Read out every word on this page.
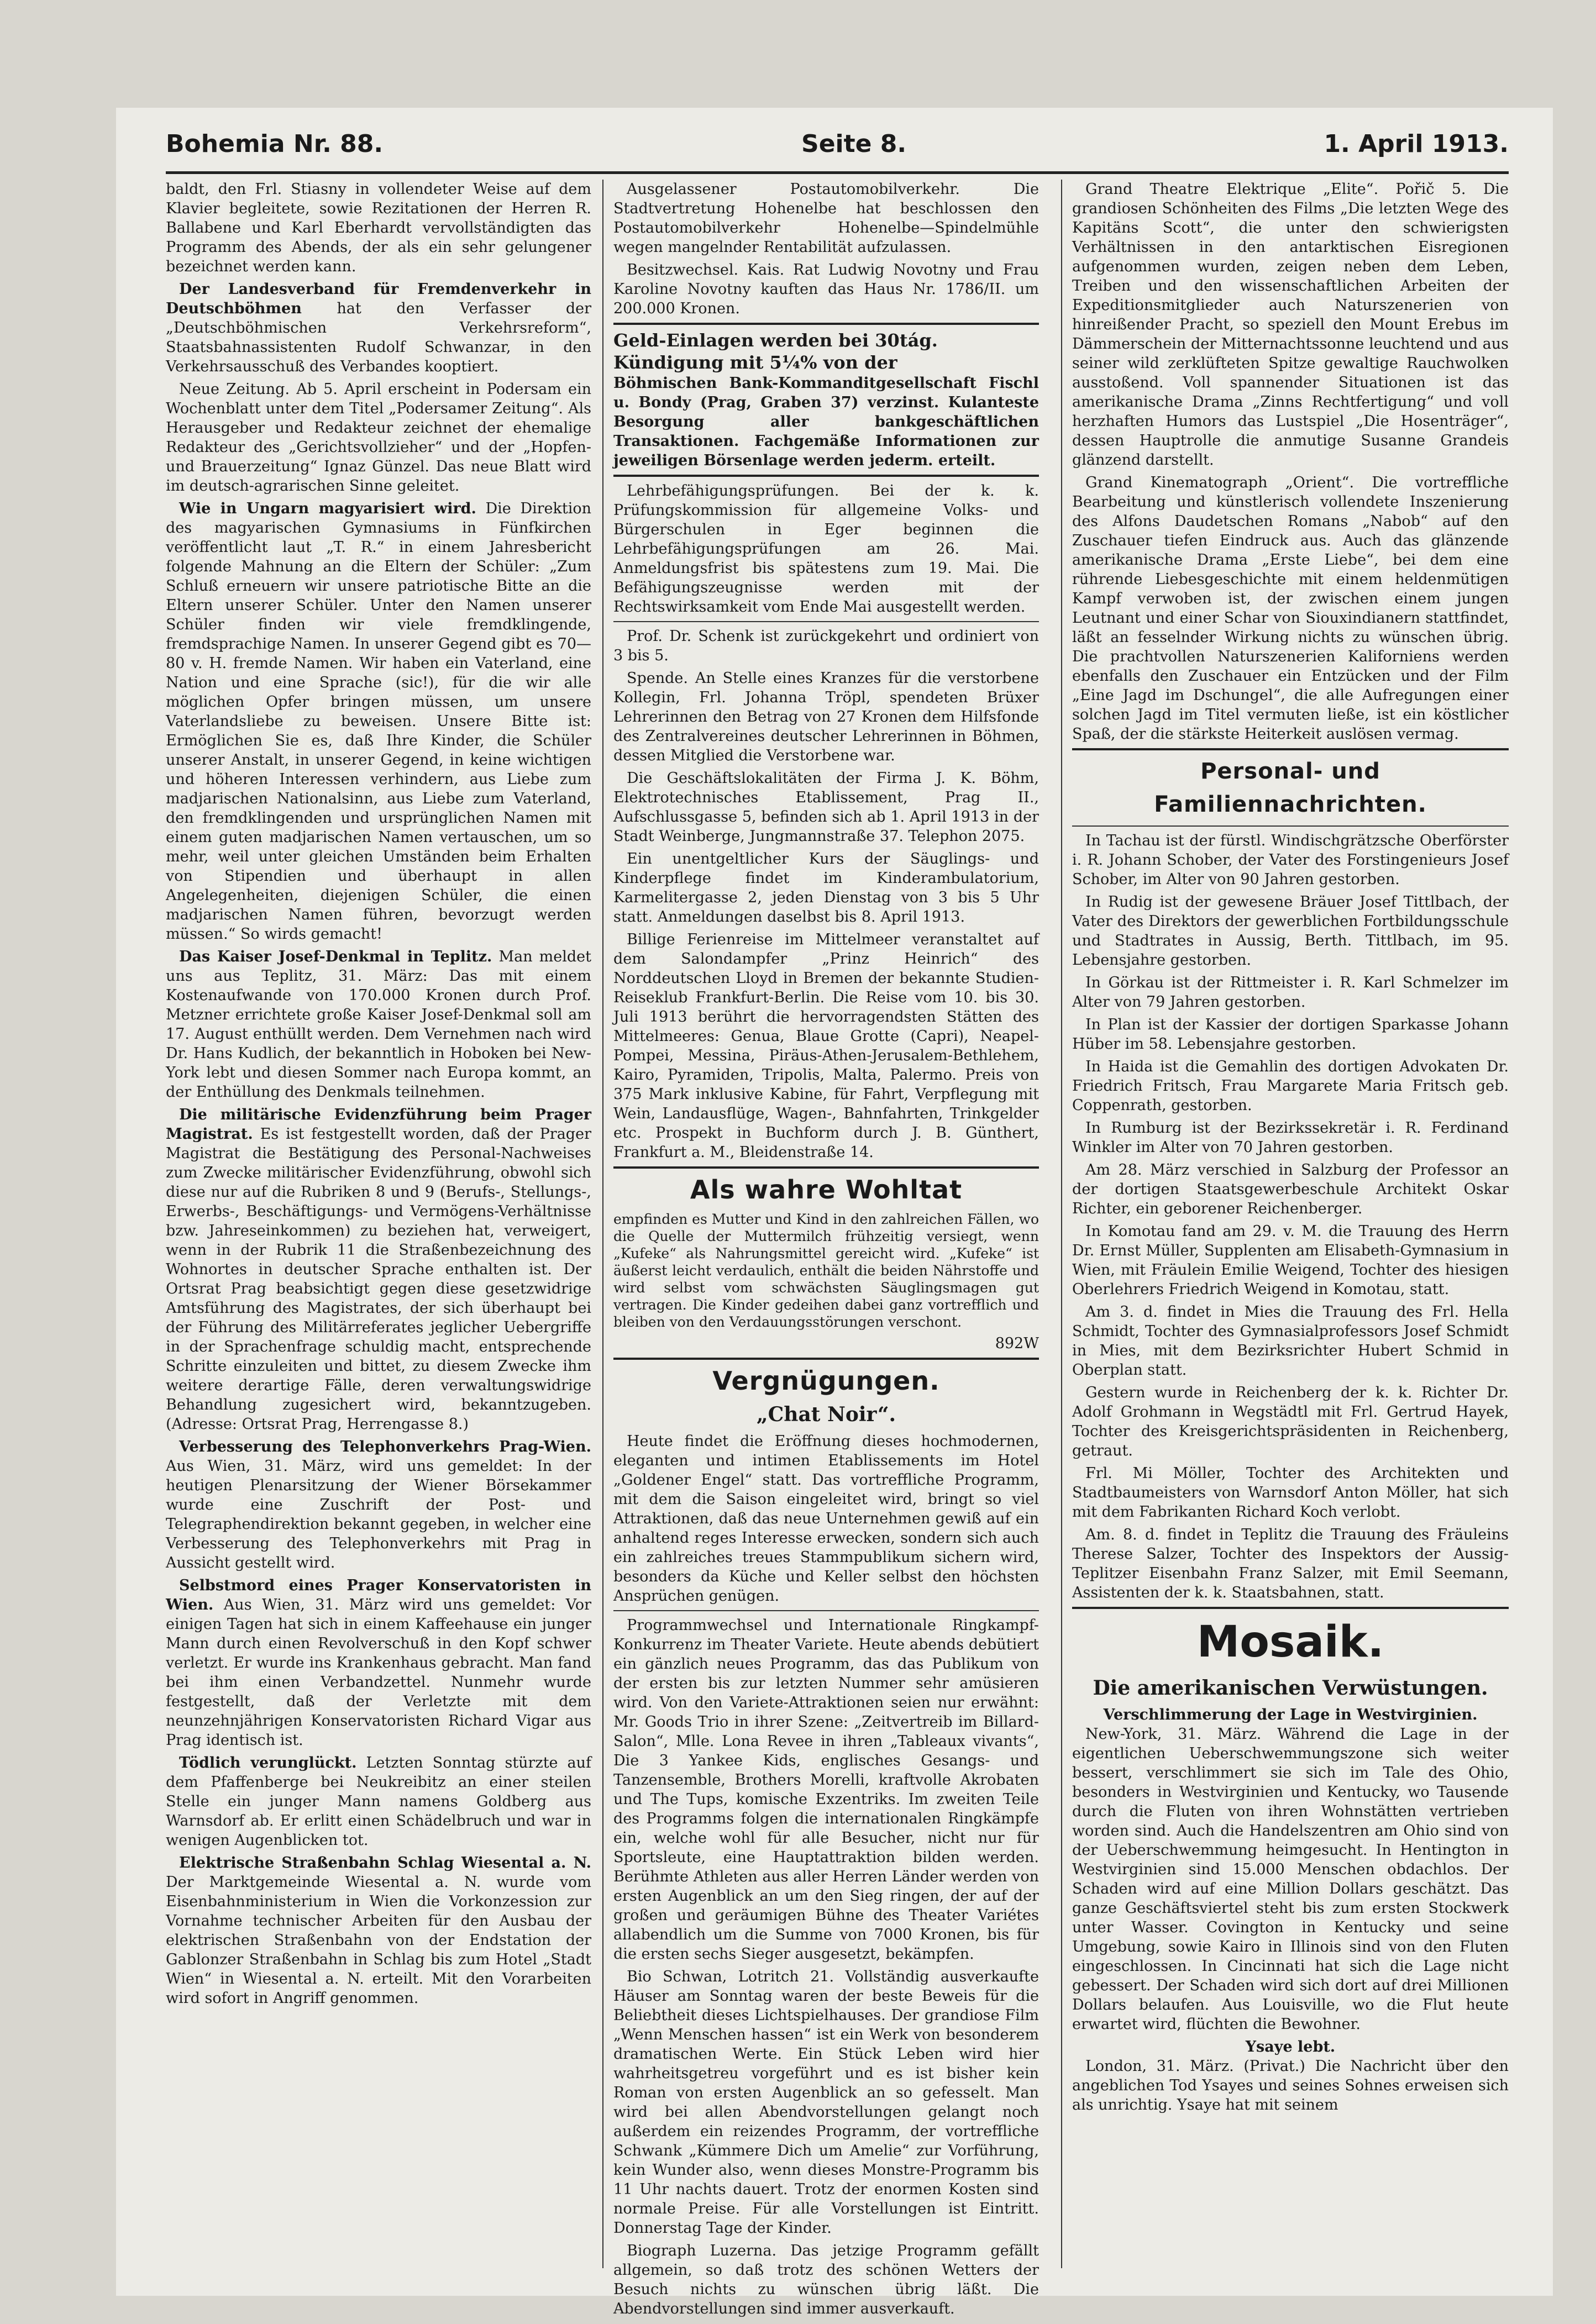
Bohemia Nr. 88.	Seite 8.	1. April 1913.

baldt, den Frl. Stiasny in vollendeter Weise auf dem Klavier begleitete, sowie Rezitationen der Herren R. Ballabene und Karl Eberhardt vervollständigten das Programm des Abends, der als ein sehr gelungener bezeichnet werden kann.

Der Landesverband für Fremdenverkehr in Deutschböhmen hat den Verfasser der „Deutschböhmischen Verkehrsreform“, Staatsbahnassistenten Rudolf Schwanzar, in den Verkehrsausschuß des Verbandes kooptiert.

Neue Zeitung. Ab 5. April erscheint in Podersam ein Wochenblatt unter dem Titel „Podersamer Zeitung“. Als Herausgeber und Redakteur zeichnet der ehemalige Redakteur des „Gerichtsvollzieher“ und der „Hopfen- und Brauerzeitung“ Ignaz Günzel. Das neue Blatt wird im deutsch-agrarischen Sinne geleitet.

Wie in Ungarn magyarisiert wird. Die Direktion des magyarischen Gymnasiums in Fünfkirchen veröffentlicht laut „T. R.“ in einem Jahresbericht folgende Mahnung an die Eltern der Schüler: „Zum Schluß erneuern wir unsere patriotische Bitte an die Eltern unserer Schüler. Unter den Namen unserer Schüler finden wir viele fremdklingende, fremdsprachige Namen. In unserer Gegend gibt es 70—80 v. H. fremde Namen. Wir haben ein Vaterland, eine Nation und eine Sprache (sic!), für die wir alle möglichen Opfer bringen müssen, um unsere Vaterlandsliebe zu beweisen. Unsere Bitte ist: Ermöglichen Sie es, daß Ihre Kinder, die Schüler unserer Anstalt, in unserer Gegend, in keine wichtigen und höheren Interessen verhindern, aus Liebe zum madjarischen Nationalsinn, aus Liebe zum Vaterland, den fremdklingenden und ursprünglichen Namen mit einem guten madjarischen Namen vertauschen, um so mehr, weil unter gleichen Umständen beim Erhalten von Stipendien und überhaupt in allen Angelegenheiten, diejenigen Schüler, die einen madjarischen Namen führen, bevorzugt werden müssen.“ So wirds gemacht!

Das Kaiser Josef-Denkmal in Teplitz. Man meldet uns aus Teplitz, 31. März: Das mit einem Kostenaufwande von 170.000 Kronen durch Prof. Metzner errichtete große Kaiser Josef-Denkmal soll am 17. August enthüllt werden. Dem Vernehmen nach wird Dr. Hans Kudlich, der bekanntlich in Hoboken bei New-York lebt und diesen Sommer nach Europa kommt, an der Enthüllung des Denkmals teilnehmen.

Die militärische Evidenzführung beim Prager Magistrat. Es ist festgestellt worden, daß der Prager Magistrat die Bestätigung des Personal-Nachweises zum Zwecke militärischer Evidenzführung, obwohl sich diese nur auf die Rubriken 8 und 9 (Berufs-, Stellungs-, Erwerbs-, Beschäftigungs- und Vermögens-Verhältnisse bzw. Jahreseinkommen) zu beziehen hat, verweigert, wenn in der Rubrik 11 die Straßenbezeichnung des Wohnortes in deutscher Sprache enthalten ist. Der Ortsrat Prag beabsichtigt gegen diese gesetzwidrige Amtsführung des Magistrates, der sich überhaupt bei der Führung des Militärreferates jeglicher Uebergriffe in der Sprachenfrage schuldig macht, entsprechende Schritte einzuleiten und bittet, zu diesem Zwecke ihm weitere derartige Fälle, deren verwaltungswidrige Behandlung zugesichert wird, bekanntzugeben. (Adresse: Ortsrat Prag, Herrengasse 8.)

Verbesserung des Telephonverkehrs Prag-Wien. Aus Wien, 31. März, wird uns gemeldet: In der heutigen Plenarsitzung der Wiener Börsekammer wurde eine Zuschrift der Post- und Telegraphendirektion bekannt gegeben, in welcher eine Verbesserung des Telephonverkehrs mit Prag in Aussicht gestellt wird.

Selbstmord eines Prager Konservatoristen in Wien. Aus Wien, 31. März wird uns gemeldet: Vor einigen Tagen hat sich in einem Kaffeehause ein junger Mann durch einen Revolverschuß in den Kopf schwer verletzt. Er wurde ins Krankenhaus gebracht. Man fand bei ihm einen Verbandzettel. Nunmehr wurde festgestellt, daß der Verletzte mit dem neunzehnjährigen Konservatoristen Richard Vigar aus Prag identisch ist.

Tödlich verunglückt. Letzten Sonntag stürzte auf dem Pfaffenberge bei Neukreibitz an einer steilen Stelle ein junger Mann namens Goldberg aus Warnsdorf ab. Er erlitt einen Schädelbruch und war in wenigen Augenblicken tot.

Elektrische Straßenbahn Schlag Wiesental a. N. Der Marktgemeinde Wiesental a. N. wurde vom Eisenbahnministerium in Wien die Vorkonzession zur Vornahme technischer Arbeiten für den Ausbau der elektrischen Straßenbahn von der Endstation der Gablonzer Straßenbahn in Schlag bis zum Hotel „Stadt Wien“ in Wiesental a. N. erteilt. Mit den Vorarbeiten wird sofort in Angriff genommen.

Ausgelassener Postautomobilverkehr. Die Stadtvertretung Hohenelbe hat beschlossen den Postautomobilverkehr Hohenelbe—Spindelmühle wegen mangelnder Rentabilität aufzulassen.

Besitzwechsel. Kais. Rat Ludwig Novotny und Frau Karoline Novotny kauften das Haus Nr. 1786/II. um 200.000 Kronen.

Geld-Einlagen werden bei 30tág.
Kündigung mit 5¼% von der

Böhmischen Bank-Kommanditgesellschaft Fischl u. Bondy (Prag, Graben 37) verzinst. Kulanteste Besorgung aller bankgeschäftlichen Transaktionen. Fachgemäße Informationen zur jeweiligen Börsenlage werden jederm. erteilt.

Lehrbefähigungsprüfungen. Bei der k. k. Prüfungskommission für allgemeine Volks- und Bürgerschulen in Eger beginnen die Lehrbefähigungsprüfungen am 26. Mai. Anmeldungsfrist bis spätestens zum 19. Mai. Die Befähigungszeugnisse werden mit der Rechtswirksamkeit vom Ende Mai ausgestellt werden.

Prof. Dr. Schenk ist zurückgekehrt und ordiniert von 3 bis 5.

Spende. An Stelle eines Kranzes für die verstorbene Kollegin, Frl. Johanna Tröpl, spendeten Brüxer Lehrerinnen den Betrag von 27 Kronen dem Hilfsfonde des Zentralvereines deutscher Lehrerinnen in Böhmen, dessen Mitglied die Verstorbene war.

Die Geschäftslokalitäten der Firma J. K. Böhm, Elektrotechnisches Etablissement, Prag II., Aufschlussgasse 5, befinden sich ab 1. April 1913 in der Stadt Weinberge, Jungmannstraße 37. Telephon 2075.

Ein unentgeltlicher Kurs der Säuglings- und Kinderpflege findet im Kinderambulatorium, Karmelitergasse 2, jeden Dienstag von 3 bis 5 Uhr statt. Anmeldungen daselbst bis 8. April 1913.

Billige Ferienreise im Mittelmeer veranstaltet auf dem Salondampfer „Prinz Heinrich“ des Norddeutschen Lloyd in Bremen der bekannte Studien-Reiseklub Frankfurt-Berlin. Die Reise vom 10. bis 30. Juli 1913 berührt die hervorragendsten Stätten des Mittelmeeres: Genua, Blaue Grotte (Capri), Neapel-Pompei, Messina, Piräus-Athen-Jerusalem-Bethlehem, Kairo, Pyramiden, Tripolis, Malta, Palermo. Preis von 375 Mark inklusive Kabine, für Fahrt, Verpflegung mit Wein, Landausflüge, Wagen-, Bahnfahrten, Trinkgelder etc. Prospekt in Buchform durch J. B. Günthert, Frankfurt a. M., Bleidenstraße 14.

Als wahre Wohltat

empfinden es Mutter und Kind in den zahlreichen Fällen, wo die Quelle der Muttermilch frühzeitig versiegt, wenn „Kufeke“ als Nahrungsmittel gereicht wird. „Kufeke“ ist äußerst leicht verdaulich, enthält die beiden Nährstoffe und wird selbst vom schwächsten Säuglingsmagen gut vertragen. Die Kinder gedeihen dabei ganz vortrefflich und bleiben von den Verdauungsstörungen verschont.

892W
Vergnügungen.
„Chat Noir“.

Heute findet die Eröffnung dieses hochmodernen, eleganten und intimen Etablissements im Hotel „Goldener Engel“ statt. Das vortreffliche Programm, mit dem die Saison eingeleitet wird, bringt so viel Attraktionen, daß das neue Unternehmen gewiß auf ein anhaltend reges Interesse erwecken, sondern sich auch ein zahlreiches treues Stammpublikum sichern wird, besonders da Küche und Keller selbst den höchsten Ansprüchen genügen.

Programmwechsel und Internationale Ringkampf-Konkurrenz im Theater Variete. Heute abends debütiert ein gänzlich neues Programm, das das Publikum von der ersten bis zur letzten Nummer sehr amüsieren wird. Von den Variete-Attraktionen seien nur erwähnt: Mr. Goods Trio in ihrer Szene: „Zeitvertreib im Billard-Salon“, Mlle. Lona Revee in ihren „Tableaux vivants“, Die 3 Yankee Kids, englisches Gesangs- und Tanzensemble, Brothers Morelli, kraftvolle Akrobaten und The Tups, komische Exzentriks. Im zweiten Teile des Programms folgen die internationalen Ringkämpfe ein, welche wohl für alle Besucher, nicht nur für Sportsleute, eine Hauptattraktion bilden werden. Berühmte Athleten aus aller Herren Länder werden von ersten Augenblick an um den Sieg ringen, der auf der großen und geräumigen Bühne des Theater Variétes allabendlich um die Summe von 7000 Kronen, bis für die ersten sechs Sieger ausgesetzt, bekämpfen.

Bio Schwan, Lotritch 21. Vollständig ausverkaufte Häuser am Sonntag waren der beste Beweis für die Beliebtheit dieses Lichtspielhauses. Der grandiose Film „Wenn Menschen hassen“ ist ein Werk von besonderem dramatischen Werte. Ein Stück Leben wird hier wahrheitsgetreu vorgeführt und es ist bisher kein Roman von ersten Augenblick an so gefesselt. Man wird bei allen Abendvorstellungen gelangt noch außerdem ein reizendes Programm, der vortreffliche Schwank „Kümmere Dich um Amelie“ zur Vorführung, kein Wunder also, wenn dieses Monstre-Programm bis 11 Uhr nachts dauert. Trotz der enormen Kosten sind normale Preise. Für alle Vorstellungen ist Eintritt. Donnerstag Tage der Kinder.

Biograph Luzerna. Das jetzige Programm gefällt allgemein, so daß trotz des schönen Wetters der Besuch nichts zu wünschen übrig läßt. Die Abendvorstellungen sind immer ausverkauft.

Grand Theatre Elektrique „Elite“. Pořič 5. Die grandiosen Schönheiten des Films „Die letzten Wege des Kapitäns Scott“, die unter den schwierigsten Verhältnissen in den antarktischen Eisregionen aufgenommen wurden, zeigen neben dem Leben, Treiben und den wissenschaftlichen Arbeiten der Expeditionsmitglieder auch Naturszenerien von hinreißender Pracht, so speziell den Mount Erebus im Dämmerschein der Mitternachtssonne leuchtend und aus seiner wild zerklüfteten Spitze gewaltige Rauchwolken ausstoßend. Voll spannender Situationen ist das amerikanische Drama „Zinns Rechtfertigung“ und voll herzhaften Humors das Lustspiel „Die Hosenträger“, dessen Hauptrolle die anmutige Susanne Grandeis glänzend darstellt.

Grand Kinematograph „Orient“. Die vortreffliche Bearbeitung und künstlerisch vollendete Inszenierung des Alfons Daudetschen Romans „Nabob“ auf den Zuschauer tiefen Eindruck aus. Auch das glänzende amerikanische Drama „Erste Liebe“, bei dem eine rührende Liebesgeschichte mit einem heldenmütigen Kampf verwoben ist, der zwischen einem jungen Leutnant und einer Schar von Siouxindianern stattfindet, läßt an fesselnder Wirkung nichts zu wünschen übrig. Die prachtvollen Naturszenerien Kaliforniens werden ebenfalls den Zuschauer ein Entzücken und der Film „Eine Jagd im Dschungel“, die alle Aufregungen einer solchen Jagd im Titel vermuten ließe, ist ein köstlicher Spaß, der die stärkste Heiterkeit auslösen vermag.

Personal- und Familiennachrichten.

In Tachau ist der fürstl. Windischgrätzsche Oberförster i. R. Johann Schober, der Vater des Forstingenieurs Josef Schober, im Alter von 90 Jahren gestorben.

In Rudig ist der gewesene Bräuer Josef Tittlbach, der Vater des Direktors der gewerblichen Fortbildungsschule und Stadtrates in Aussig, Berth. Tittlbach, im 95. Lebensjahre gestorben.

In Görkau ist der Rittmeister i. R. Karl Schmelzer im Alter von 79 Jahren gestorben.

In Plan ist der Kassier der dortigen Sparkasse Johann Hüber im 58. Lebensjahre gestorben.

In Haida ist die Gemahlin des dortigen Advokaten Dr. Friedrich Fritsch, Frau Margarete Maria Fritsch geb. Coppenrath, gestorben.

In Rumburg ist der Bezirkssekretär i. R. Ferdinand Winkler im Alter von 70 Jahren gestorben.

Am 28. März verschied in Salzburg der Professor an der dortigen Staatsgewerbeschule Architekt Oskar Richter, ein geborener Reichenberger.

In Komotau fand am 29. v. M. die Trauung des Herrn Dr. Ernst Müller, Supplenten am Elisabeth-Gymnasium in Wien, mit Fräulein Emilie Weigend, Tochter des hiesigen Oberlehrers Friedrich Weigend in Komotau, statt.

Am 3. d. findet in Mies die Trauung des Frl. Hella Schmidt, Tochter des Gymnasialprofessors Josef Schmidt in Mies, mit dem Bezirksrichter Hubert Schmid in Oberplan statt.

Gestern wurde in Reichenberg der k. k. Richter Dr. Adolf Grohmann in Wegstädtl mit Frl. Gertrud Hayek, Tochter des Kreisgerichtspräsidenten in Reichenberg, getraut.

Frl. Mi Möller, Tochter des Architekten und Stadtbaumeisters von Warnsdorf Anton Möller, hat sich mit dem Fabrikanten Richard Koch verlobt.

Am. 8. d. findet in Teplitz die Trauung des Fräuleins Therese Salzer, Tochter des Inspektors der Aussig-Teplitzer Eisenbahn Franz Salzer, mit Emil Seemann, Assistenten der k. k. Staatsbahnen, statt.

Mosaik.
Die amerikanischen Verwüstungen.
Verschlimmerung der Lage in Westvirginien.

New-York, 31. März. Während die Lage in der eigentlichen Ueberschwemmungszone sich weiter bessert, verschlimmert sie sich im Tale des Ohio, besonders in Westvirginien und Kentucky, wo Tausende durch die Fluten von ihren Wohnstätten vertrieben worden sind. Auch die Handelszentren am Ohio sind von der Ueberschwemmung heimgesucht. In Hentington in Westvirginien sind 15.000 Menschen obdachlos. Der Schaden wird auf eine Million Dollars geschätzt. Das ganze Geschäftsviertel steht bis zum ersten Stockwerk unter Wasser. Covington in Kentucky und seine Umgebung, sowie Kairo in Illinois sind von den Fluten eingeschlossen. In Cincinnati hat sich die Lage nicht gebessert. Der Schaden wird sich dort auf drei Millionen Dollars belaufen. Aus Louisville, wo die Flut heute erwartet wird, flüchten die Bewohner.

Ysaye lebt.

London, 31. März. (Privat.) Die Nachricht über den angeblichen Tod Ysayes und seines Sohnes erweisen sich als unrichtig. Ysaye hat mit seinem
